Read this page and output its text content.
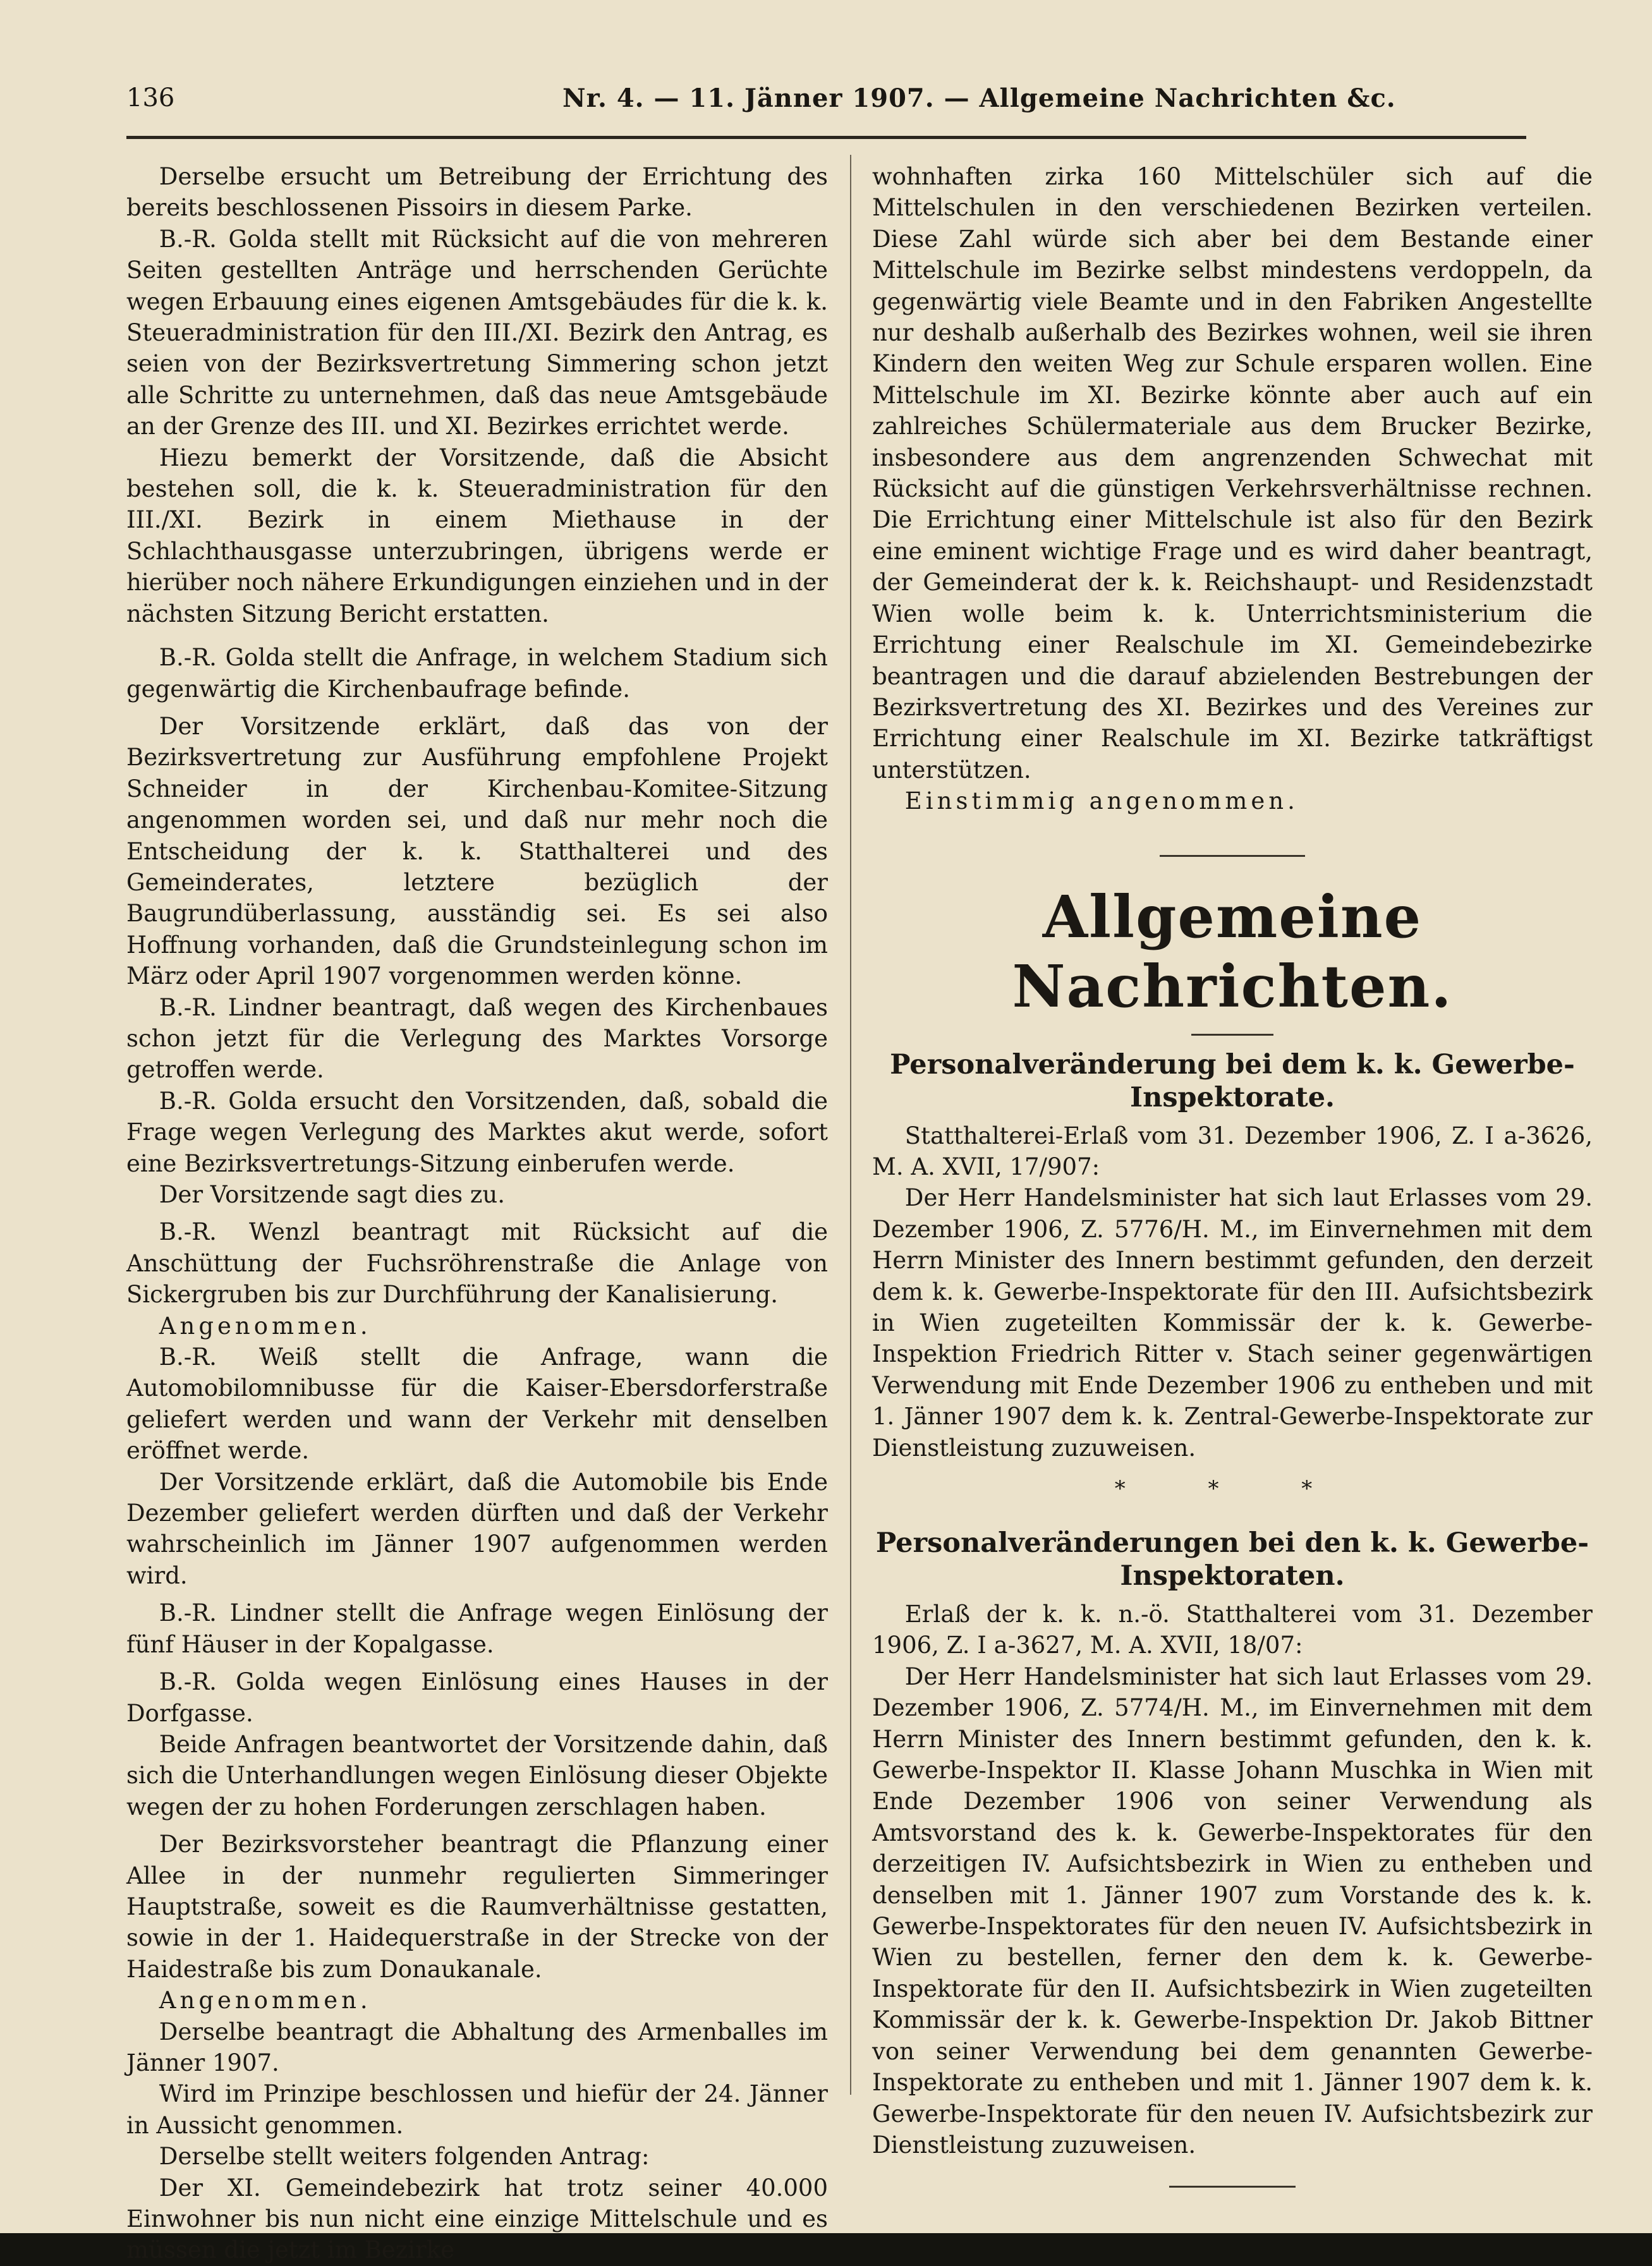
136	Nr. 4. — 11. Jänner 1907. — Allgemeine Nachrichten &c.

Derselbe ersucht um Betreibung der Errichtung des bereits beschlossenen Pissoirs in diesem Parke.

B.-R. Golda stellt mit Rücksicht auf die von mehreren Seiten gestellten Anträge und herrschenden Gerüchte wegen Erbauung eines eigenen Amtsgebäudes für die k. k. Steueradministration für den III./XI. Bezirk den Antrag, es seien von der Bezirksvertretung Simmering schon jetzt alle Schritte zu unternehmen, daß das neue Amtsgebäude an der Grenze des III. und XI. Bezirkes errichtet werde.

Hiezu bemerkt der Vorsitzende, daß die Absicht bestehen soll, die k. k. Steueradministration für den III./XI. Bezirk in einem Miethause in der Schlachthausgasse unterzubringen, übrigens werde er hierüber noch nähere Erkundigungen einziehen und in der nächsten Sitzung Bericht erstatten.

B.-R. Golda stellt die Anfrage, in welchem Stadium sich gegenwärtig die Kirchenbaufrage befinde.

Der Vorsitzende erklärt, daß das von der Bezirksvertretung zur Ausführung empfohlene Projekt Schneider in der Kirchenbau-Komitee-Sitzung angenommen worden sei, und daß nur mehr noch die Entscheidung der k. k. Statthalterei und des Gemeinderates, letztere bezüglich der Baugrundüberlassung, ausständig sei. Es sei also Hoffnung vorhanden, daß die Grundsteinlegung schon im März oder April 1907 vorgenommen werden könne.

B.-R. Lindner beantragt, daß wegen des Kirchenbaues schon jetzt für die Verlegung des Marktes Vorsorge getroffen werde.

B.-R. Golda ersucht den Vorsitzenden, daß, sobald die Frage wegen Verlegung des Marktes akut werde, sofort eine Bezirksvertretungs-Sitzung einberufen werde.

Der Vorsitzende sagt dies zu.

B.-R. Wenzl beantragt mit Rücksicht auf die Anschüttung der Fuchsröhrenstraße die Anlage von Sickergruben bis zur Durchführung der Kanalisierung.

Angenommen.

B.-R. Weiß stellt die Anfrage, wann die Automobilomnibusse für die Kaiser-Ebersdorferstraße geliefert werden und wann der Verkehr mit denselben eröffnet werde.

Der Vorsitzende erklärt, daß die Automobile bis Ende Dezember geliefert werden dürften und daß der Verkehr wahrscheinlich im Jänner 1907 aufgenommen werden wird.

B.-R. Lindner stellt die Anfrage wegen Einlösung der fünf Häuser in der Kopalgasse.

B.-R. Golda wegen Einlösung eines Hauses in der Dorfgasse.

Beide Anfragen beantwortet der Vorsitzende dahin, daß sich die Unterhandlungen wegen Einlösung dieser Objekte wegen der zu hohen Forderungen zerschlagen haben.

Der Bezirksvorsteher beantragt die Pflanzung einer Allee in der nunmehr regulierten Simmeringer Hauptstraße, soweit es die Raumverhältnisse gestatten, sowie in der 1. Haidequerstraße in der Strecke von der Haidestraße bis zum Donaukanale.

Angenommen.

Derselbe beantragt die Abhaltung des Armenballes im Jänner 1907.

Wird im Prinzipe beschlossen und hiefür der 24. Jänner in Aussicht genommen.

Derselbe stellt weiters folgenden Antrag:

Der XI. Gemeindebezirk hat trotz seiner 40.000 Einwohner bis nun nicht eine einzige Mittelschule und es müssen die jetzt im Bezirke

wohnhaften zirka 160 Mittelschüler sich auf die Mittelschulen in den verschiedenen Bezirken verteilen. Diese Zahl würde sich aber bei dem Bestande einer Mittelschule im Bezirke selbst mindestens verdoppeln, da gegenwärtig viele Beamte und in den Fabriken Angestellte nur deshalb außerhalb des Bezirkes wohnen, weil sie ihren Kindern den weiten Weg zur Schule ersparen wollen. Eine Mittelschule im XI. Bezirke könnte aber auch auf ein zahlreiches Schülermateriale aus dem Brucker Bezirke, insbesondere aus dem angrenzenden Schwechat mit Rücksicht auf die günstigen Verkehrsverhältnisse rechnen. Die Errichtung einer Mittelschule ist also für den Bezirk eine eminent wichtige Frage und es wird daher beantragt, der Gemeinderat der k. k. Reichshaupt- und Residenzstadt Wien wolle beim k. k. Unterrichtsministerium die Errichtung einer Realschule im XI. Gemeindebezirke beantragen und die darauf abzielenden Bestrebungen der Bezirksvertretung des XI. Bezirkes und des Vereines zur Errichtung einer Realschule im XI. Bezirke tatkräftigst unterstützen.

Einstimmig angenommen.

Allgemeine Nachrichten.

Personalveränderung bei dem k. k. Gewerbe-Inspektorate.

Statthalterei-Erlaß vom 31. Dezember 1906, Z. I a-3626, M. A. XVII, 17/907:

Der Herr Handelsminister hat sich laut Erlasses vom 29. Dezember 1906, Z. 5776/H. M., im Einvernehmen mit dem Herrn Minister des Innern bestimmt gefunden, den derzeit dem k. k. Gewerbe-Inspektorate für den III. Aufsichtsbezirk in Wien zugeteilten Kommissär der k. k. Gewerbe-Inspektion Friedrich Ritter v. Stach seiner gegenwärtigen Verwendung mit Ende Dezember 1906 zu entheben und mit 1. Jänner 1907 dem k. k. Zentral-Gewerbe-Inspektorate zur Dienstleistung zuzuweisen.

* * *

Personalveränderungen bei den k. k. Gewerbe-Inspektoraten.

Erlaß der k. k. n.-ö. Statthalterei vom 31. Dezember 1906, Z. I a-3627, M. A. XVII, 18/07:

Der Herr Handelsminister hat sich laut Erlasses vom 29. Dezember 1906, Z. 5774/H. M., im Einvernehmen mit dem Herrn Minister des Innern bestimmt gefunden, den k. k. Gewerbe-Inspektor II. Klasse Johann Muschka in Wien mit Ende Dezember 1906 von seiner Verwendung als Amtsvorstand des k. k. Gewerbe-Inspektorates für den derzeitigen IV. Aufsichtsbezirk in Wien zu entheben und denselben mit 1. Jänner 1907 zum Vorstande des k. k. Gewerbe-Inspektorates für den neuen IV. Aufsichtsbezirk in Wien zu bestellen, ferner den dem k. k. Gewerbe-Inspektorate für den II. Aufsichtsbezirk in Wien zugeteilten Kommissär der k. k. Gewerbe-Inspektion Dr. Jakob Bittner von seiner Verwendung bei dem genannten Gewerbe-Inspektorate zu entheben und mit 1. Jänner 1907 dem k. k. Gewerbe-Inspektorate für den neuen IV. Aufsichtsbezirk zur Dienstleistung zuzuweisen.
